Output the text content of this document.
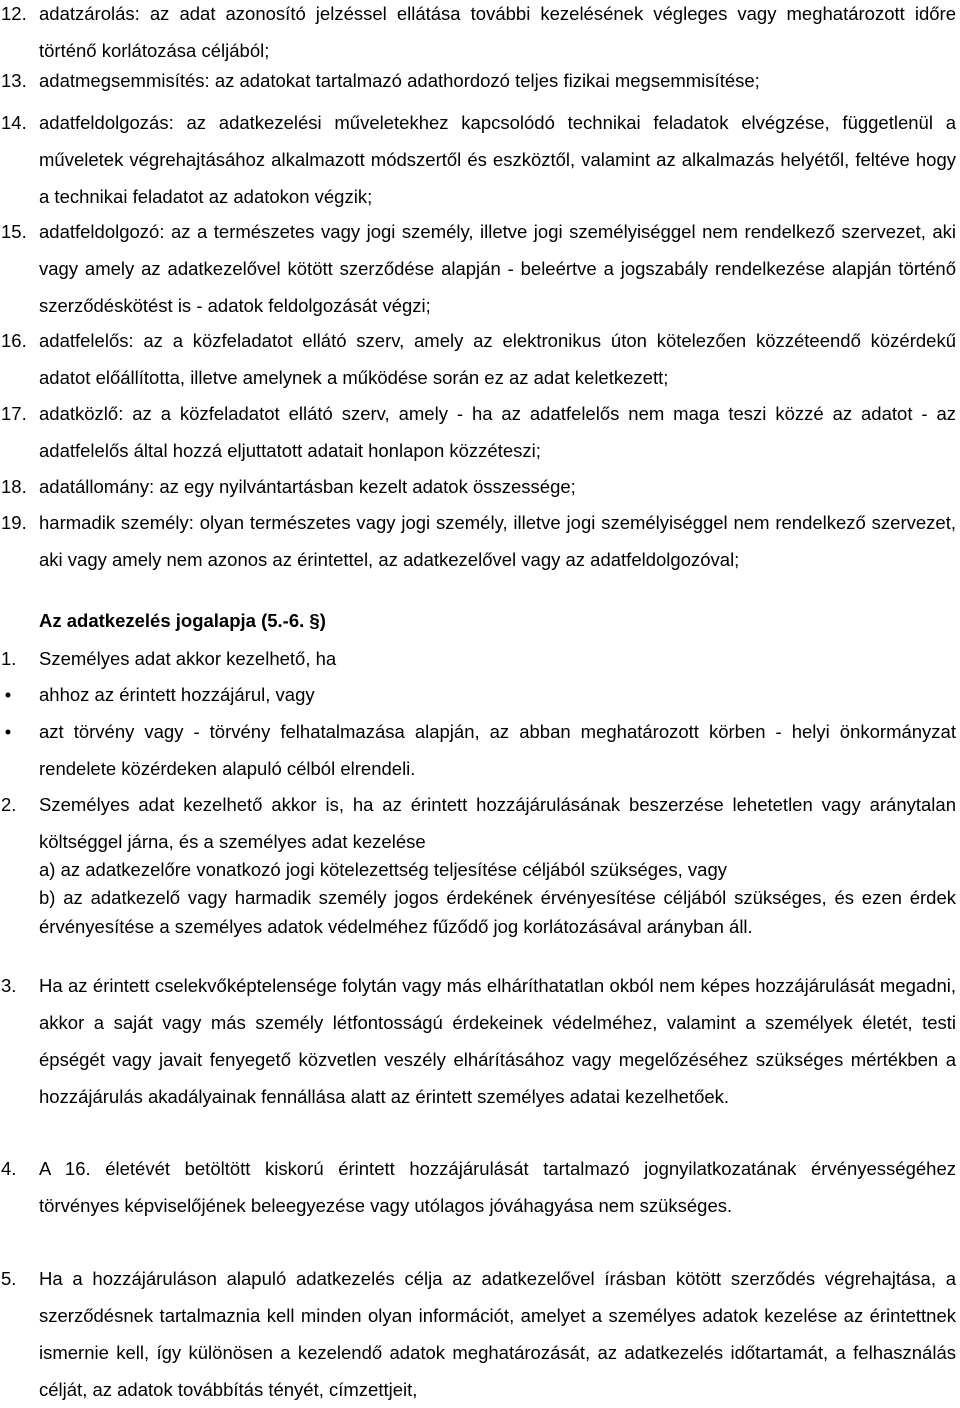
12. adatzárolás: az adat azonosító jelzéssel ellátása további kezelésének végleges vagy meghatározott időre történő korlátozása céljából;
13. adatmegsemmisítés: az adatokat tartalmazó adathordozó teljes fizikai megsemmisítése;
14. adatfeldolgozás: az adatkezelési műveletekhez kapcsolódó technikai feladatok elvégzése, függetlenül a műveletek végrehajtásához alkalmazott módszertől és eszköztől, valamint az alkalmazás helyétől, feltéve hogy a technikai feladatot az adatokon végzik;
15. adatfeldolgozó: az a természetes vagy jogi személy, illetve jogi személyiséggel nem rendelkező szervezet, aki vagy amely az adatkezelővel kötött szerződése alapján - beleértve a jogszabály rendelkezése alapján történő szerződéskötést is - adatok feldolgozását végzi;
16. adatfelelős: az a közfeladatot ellátó szerv, amely az elektronikus úton kötelezően közzéteendő közérdekű adatot előállította, illetve amelynek a működése során ez az adat keletkezett;
17. adatközlő: az a közfeladatot ellátó szerv, amely - ha az adatfelelős nem maga teszi közzé az adatot - az adatfelelős által hozzá eljuttatott adatait honlapon közzéteszi;
18. adatállomány: az egy nyilvántartásban kezelt adatok összessége;
19. harmadik személy: olyan természetes vagy jogi személy, illetve jogi személyiséggel nem rendelkező szervezet, aki vagy amely nem azonos az érintettel, az adatkezelővel vagy az adatfeldolgozóval;
Az adatkezelés jogalapja (5.-6. §)
1. Személyes adat akkor kezelhető, ha
• ahhoz az érintett hozzájárul, vagy
• azt törvény vagy - törvény felhatalmazása alapján, az abban meghatározott körben - helyi önkormányzat rendelete közérdeken alapuló célból elrendeli.
2. Személyes adat kezelhető akkor is, ha az érintett hozzájárulásának beszerzése lehetetlen vagy aránytalan költséggel járna, és a személyes adat kezelése
a) az adatkezelőre vonatkozó jogi kötelezettség teljesítése céljából szükséges, vagy
b) az adatkezelő vagy harmadik személy jogos érdekének érvényesítése céljából szükséges, és ezen érdek érvényesítése a személyes adatok védelméhez fűződő jog korlátozásával arányban áll.
3. Ha az érintett cselekvőképtelensége folytán vagy más elháríthatatlan okból nem képes hozzájárulását megadni, akkor a saját vagy más személy létfontosságú érdekeinek védelméhez, valamint a személyek életét, testi épségét vagy javait fenyegető közvetlen veszély elhárításához vagy megelőzéséhez szükséges mértékben a hozzájárulás akadályainak fennállása alatt az érintett személyes adatai kezelhetőek.
4. A 16. életévét betöltött kiskorú érintett hozzájárulását tartalmazó jognyilatkozatának érvényességéhez törvényes képviselőjének beleegyezése vagy utólagos jóváhagyása nem szükséges.
5. Ha a hozzájáruláson alapuló adatkezelés célja az adatkezelővel írásban kötött szerződés végrehajtása, a szerződésnek tartalmaznia kell minden olyan információt, amelyet a személyes adatok kezelése az érintettnek ismernie kell, így különösen a kezelendő adatok meghatározását, az adatkezelés időtartamát, a felhasználás célját, az adatok továbbítás tényét, címzettjeit,
